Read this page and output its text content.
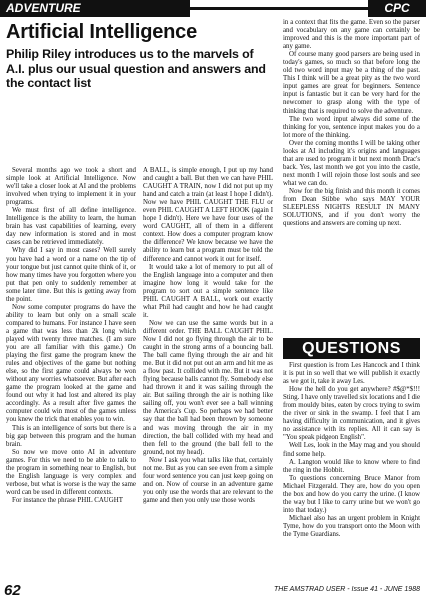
ADVENTURE	CPC
Artificial Intelligence
Philip Riley introduces us to the marvels of A.I. plus our usual question and answers and the contact list

Several months ago we took a short and simple look at Artificial Intelligence. Now we'll take a closer look at AI and the problems involved when trying to implement it in your programs.

We must first of all define intelligence. Intelligence is the ability to learn, the human brain has vast capabilities of learning, every day new information is stored and in most cases can be retrieved immediately.

Why did I say in most cases? Well surely you have had a word or a name on the tip of your tongue but just cannot quite think of it, or how many times have you forgotten where you put that pen only to suddenly remember at some later time. But this is getting away from the point.

Now some computer programs do have the ability to learn but only on a small scale compared to humans. For instance I have seen a game that was less than 2k long which played with twenty three matches. (I am sure you are all familiar with this game.) On playing the first game the program knew the rules and objectives of the game but nothing else, so the first game could always be won without any worries whatsoever. But after each game the program looked at the game and found out why it had lost and altered its play accordingly. As a result after five games the computer could win most of the games unless you knew the trick that enables you to win.

This is an intelligence of sorts but there is a big gap between this program and the human brain.

So now we move onto AI in adventure games. For this we need to be able to talk to the program in something near to English, but the English language is very complex and verbose, but what is worse is the way the same word can be used in different contexts.

For instance the phrase PHIL CAUGHT

A BALL, is simple enough, I put up my hand and caught a ball. But then we can have PHIL CAUGHT A TRAIN, now I did not put up my hand and catch a train (at least I hope I didn't). Now we have PHIL CAUGHT THE FLU or even PHIL CAUGHT A LEFT HOOK (again I hope I didn't). Here we have four uses of the word CAUGHT, all of them in a different context. How does a computer program know the difference? We know because we have the ability to learn but a program must be told the difference and cannot work it out for itself.

It would take a lot of memory to put all of the English language into a computer and then imagine how long it would take for the program to sort out a simple sentence like PHIL CAUGHT A BALL, work out exactly what Phil had caught and how he had caught it.

Now we can use the same words but in a different order. THE BALL CAUGHT PHIL. Now I did not go flying through the air to be caught in the strong arms of a bouncing ball. The ball came flying through the air and hit me. But it did not put out an arm and hit me as a flow past. It collided with me. But it was not flying because balls cannot fly. Somebody else had thrown it and it was sailing through the air. But sailing through the air is nothing like sailing off, you won't ever see a ball winning the America's Cup. So perhaps we had better say that the ball had been thrown by someone and was moving through the air in my direction, the ball collided with my head and then fell to the ground (the ball fell to the ground, not my head).

Now I ask you what talks like that, certainly not me. But as you can see even from a simple four word sentence you can just keep going on and on. Now of course in an adventure game you only use the words that are relevant to the game and then you only use those words

in a context that fits the game. Even so the parser and vocabulary on any game can certainly be improved and this is the more important part of any game.

Of course many good parsers are being used in today's games, so much so that before long the old two word input may be a thing of the past. This I think will be a great pity as the two word input games are great for beginners. Sentence input is fantastic but it can be very hard for the newcomer to grasp along with the type of thinking that is required to solve the adventure.

The two word input always did some of the thinking for you, sentence input makes you do a lot more of the thinking.

Over the coming months I will be taking other looks at AI including it's origins and languages that are used to program it but next month Drac's back. Yes, last month we got you into the castle, next month I will rejoin those lost souls and see what we can do.

Now for the big finish and this month it comes from Dean Stibbe who says MAY YOUR SLEEPLESS NIGHTS RESULT IN MANY SOLUTIONS, and if you don't worry the questions and answers are coming up next.

QUESTIONS

First question is from Les Hancock and I think it is put in so well that we will publish it exactly as we got it, take it away Les.

How the hell do you get anywhere? #$@*$!!! Sting. I have only travelled six locations and I die from mouldy bites, eaten by crocs trying to swim the river or sink in the swamp. I feel that I am having difficulty in communication, and it gives no assistance with its replies. All it can say is "You speak pidgeon English".

Well Les, look in the May mag and you should find some help.

A. Langton would like to know where to find the ring in the Hobbit.

To questions concerning Bruce Manor from Michael Fitzgerald. They are, how do you open the box and how do you carry the urine. (I know the way but I like to carry urine but we won't go into that today.)

Michael also has an urgent problem in Knight Tyme, how do you transport onto the Moon with the Tyme Guardians.

62	THE AMSTRAD USER - Issue 41 - JUNE 1988
